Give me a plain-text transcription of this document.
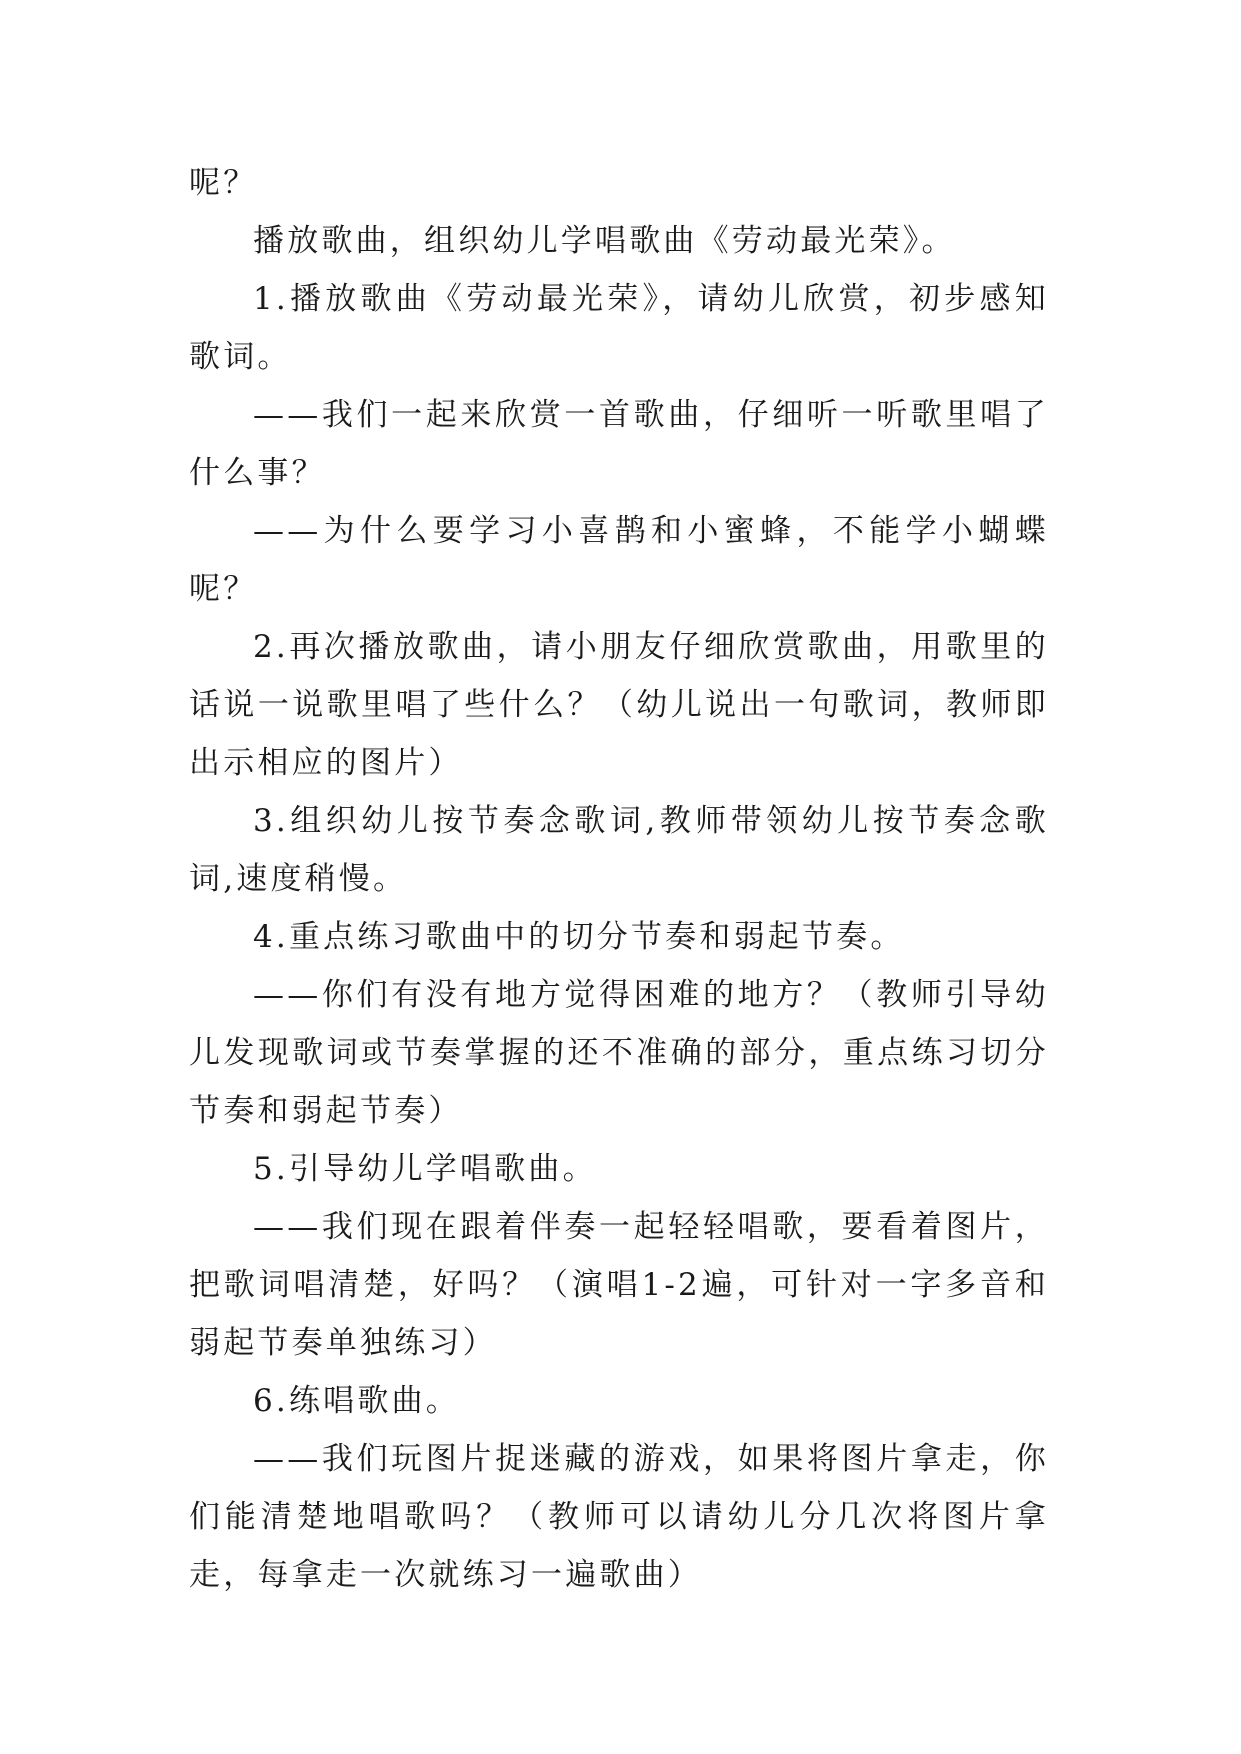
呢？

播放歌曲，组织幼儿学唱歌曲《劳动最光荣》。

1.播放歌曲《劳动最光荣》，请幼儿欣赏，初步感知歌词。

——我们一起来欣赏一首歌曲，仔细听一听歌里唱了什么事？

——为什么要学习小喜鹊和小蜜蜂，不能学小蝴蝶呢？

2.再次播放歌曲，请小朋友仔细欣赏歌曲，用歌里的话说一说歌里唱了些什么？（幼儿说出一句歌词，教师即出示相应的图片）

3.组织幼儿按节奏念歌词,教师带领幼儿按节奏念歌词,速度稍慢。

4.重点练习歌曲中的切分节奏和弱起节奏。

——你们有没有地方觉得困难的地方？（教师引导幼儿发现歌词或节奏掌握的还不准确的部分，重点练习切分节奏和弱起节奏）

5.引导幼儿学唱歌曲。

——我们现在跟着伴奏一起轻轻唱歌，要看着图片，把歌词唱清楚，好吗？（演唱1-2遍，可针对一字多音和弱起节奏单独练习）

6.练唱歌曲。

——我们玩图片捉迷藏的游戏，如果将图片拿走，你们能清楚地唱歌吗？（教师可以请幼儿分几次将图片拿走，每拿走一次就练习一遍歌曲）
